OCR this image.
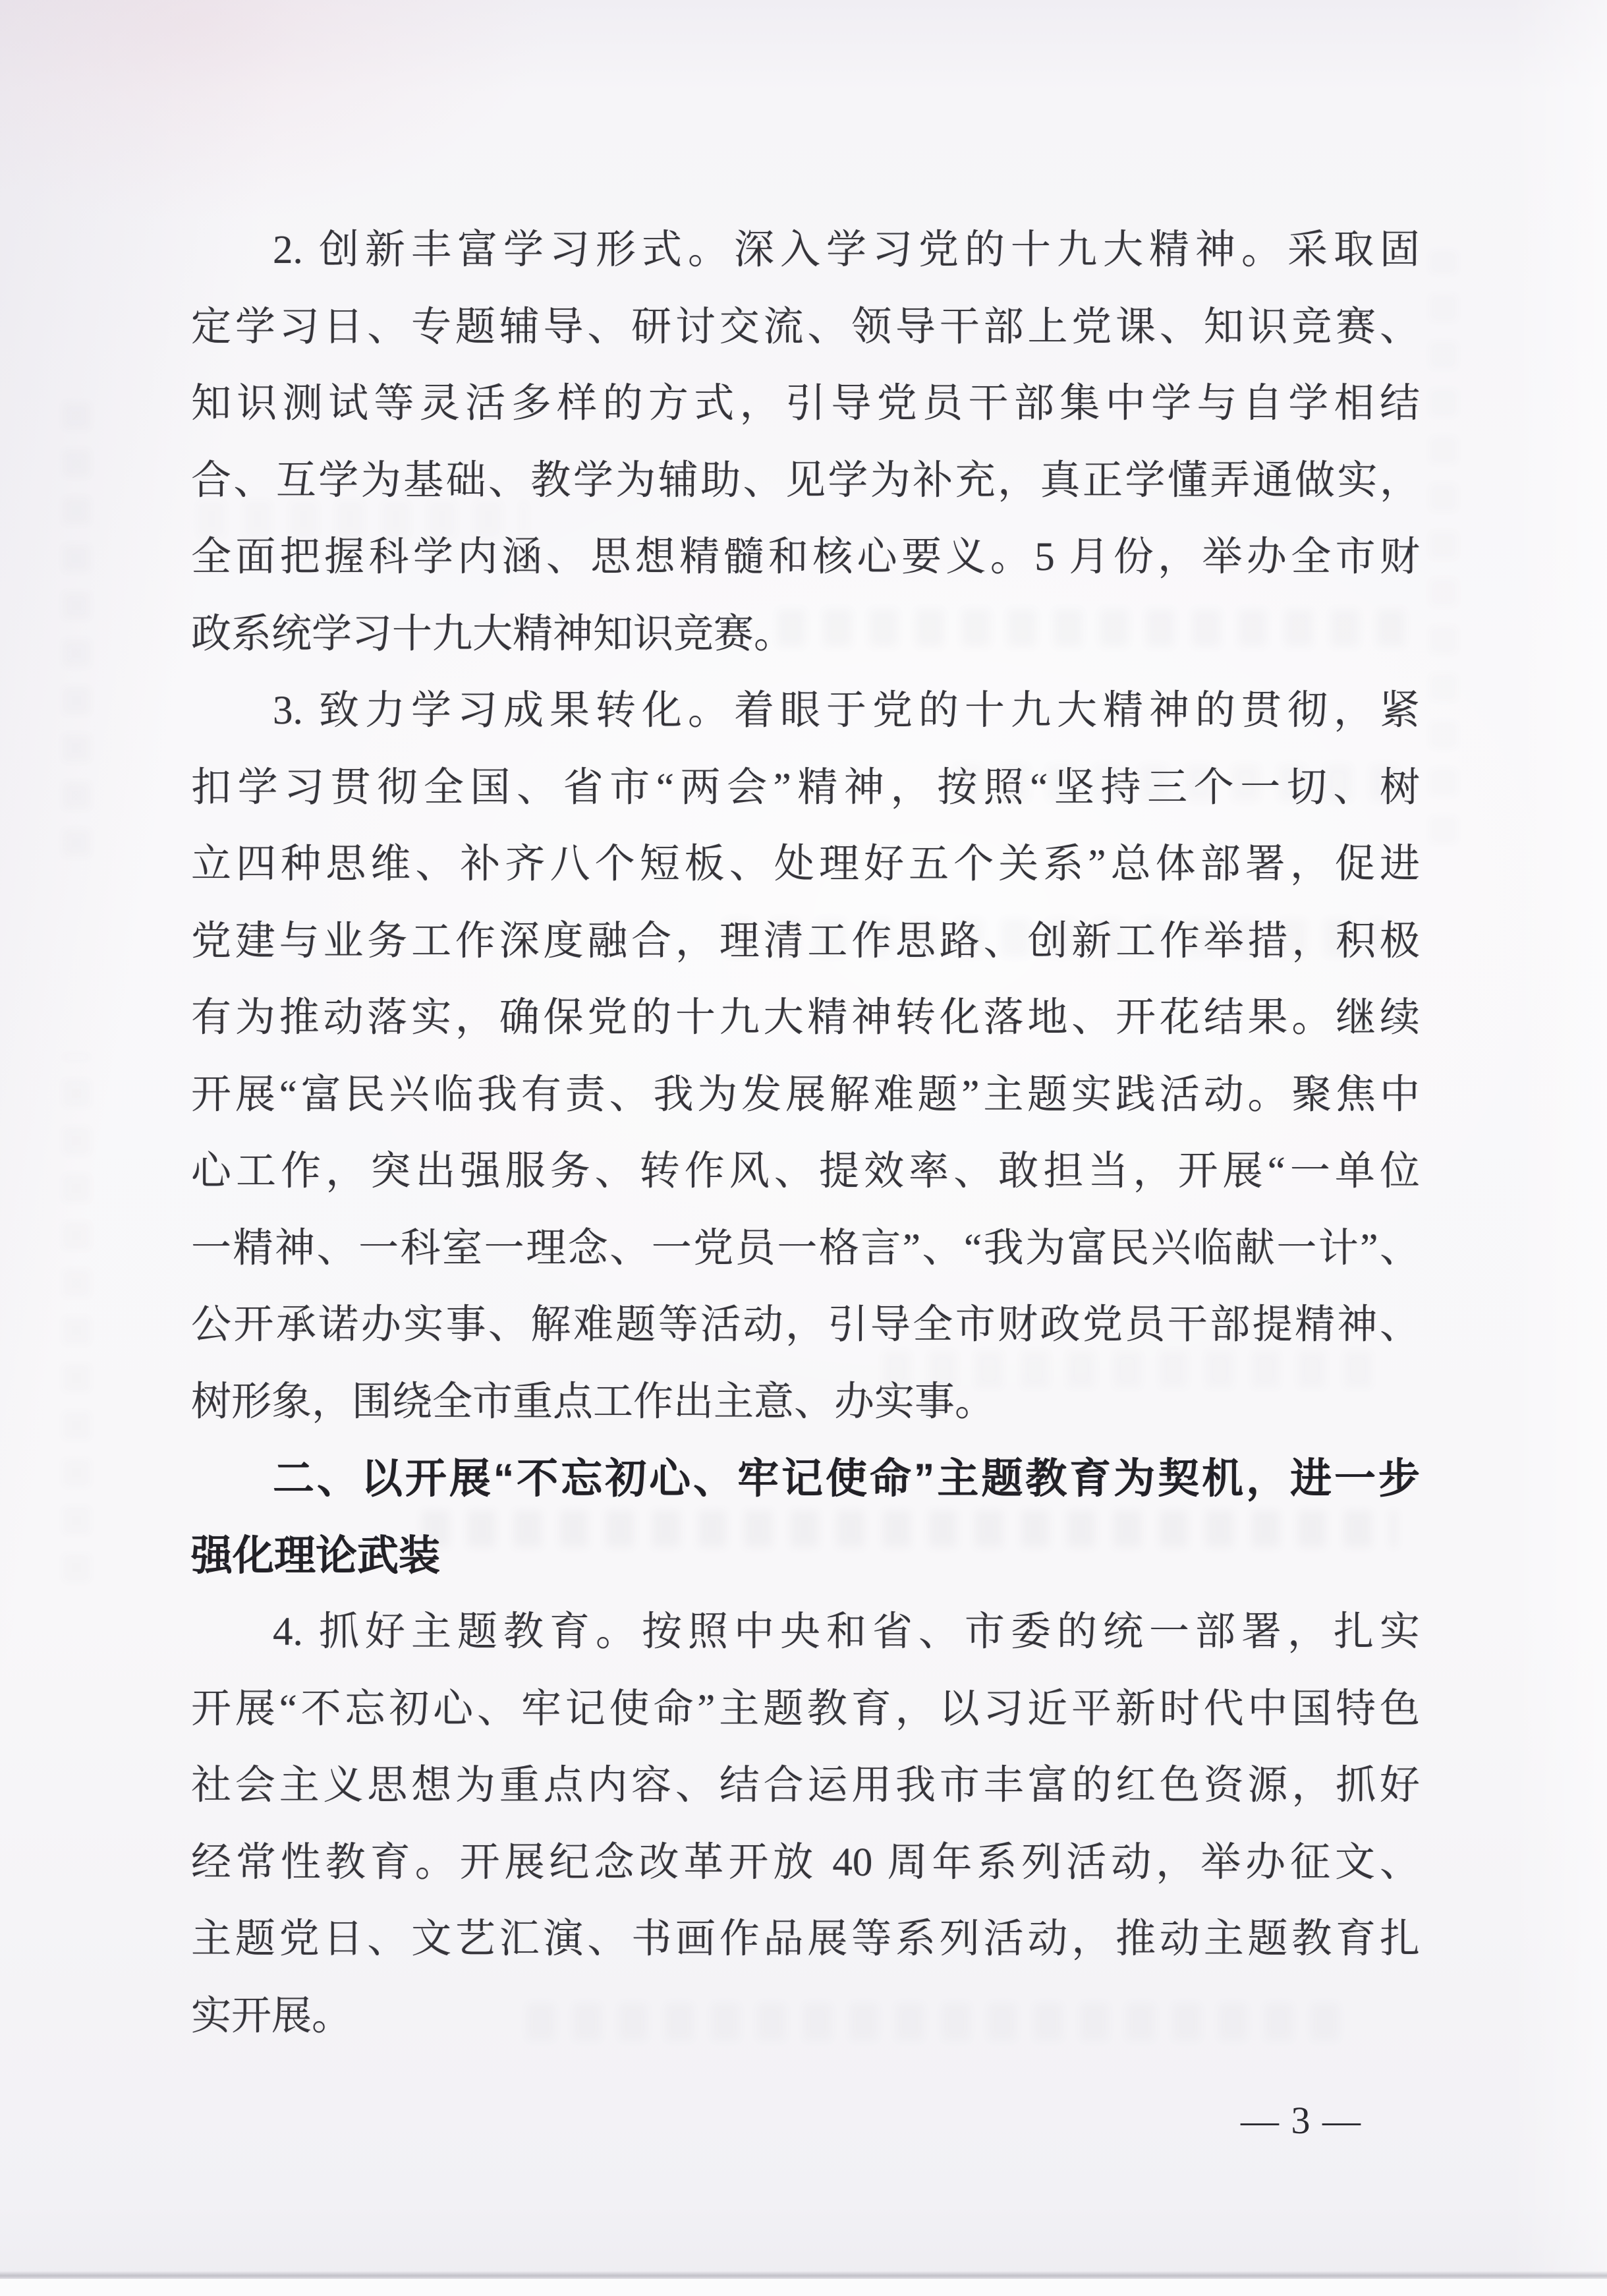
2. 创新丰富学习形式。深入学习党的十九大精神。采取固

定学习日、专题辅导、研讨交流、领导干部上党课、知识竞赛、

知识测试等灵活多样的方式，引导党员干部集中学与自学相结

合、互学为基础、教学为辅助、见学为补充，真正学懂弄通做实，

全面把握科学内涵、思想精髓和核心要义。5 月份，举办全市财

政系统学习十九大精神知识竞赛。

3. 致力学习成果转化。着眼于党的十九大精神的贯彻，紧

扣学习贯彻全国、省市“两会”精神，按照“坚持三个一切、树

立四种思维、补齐八个短板、处理好五个关系”总体部署，促进

党建与业务工作深度融合，理清工作思路、创新工作举措，积极

有为推动落实，确保党的十九大精神转化落地、开花结果。继续

开展“富民兴临我有责、我为发展解难题”主题实践活动。聚焦中

心工作，突出强服务、转作风、提效率、敢担当，开展“一单位

一精神、一科室一理念、一党员一格言”、“我为富民兴临献一计”、

公开承诺办实事、解难题等活动，引导全市财政党员干部提精神、

树形象，围绕全市重点工作出主意、办实事。

二、以开展“不忘初心、牢记使命”主题教育为契机，进一步

强化理论武装

4. 抓好主题教育。按照中央和省、市委的统一部署，扎实

开展“不忘初心、牢记使命”主题教育，以习近平新时代中国特色

社会主义思想为重点内容、结合运用我市丰富的红色资源，抓好

经常性教育。开展纪念改革开放 40 周年系列活动，举办征文、

主题党日、文艺汇演、书画作品展等系列活动，推动主题教育扎

实开展。

— 3 —
